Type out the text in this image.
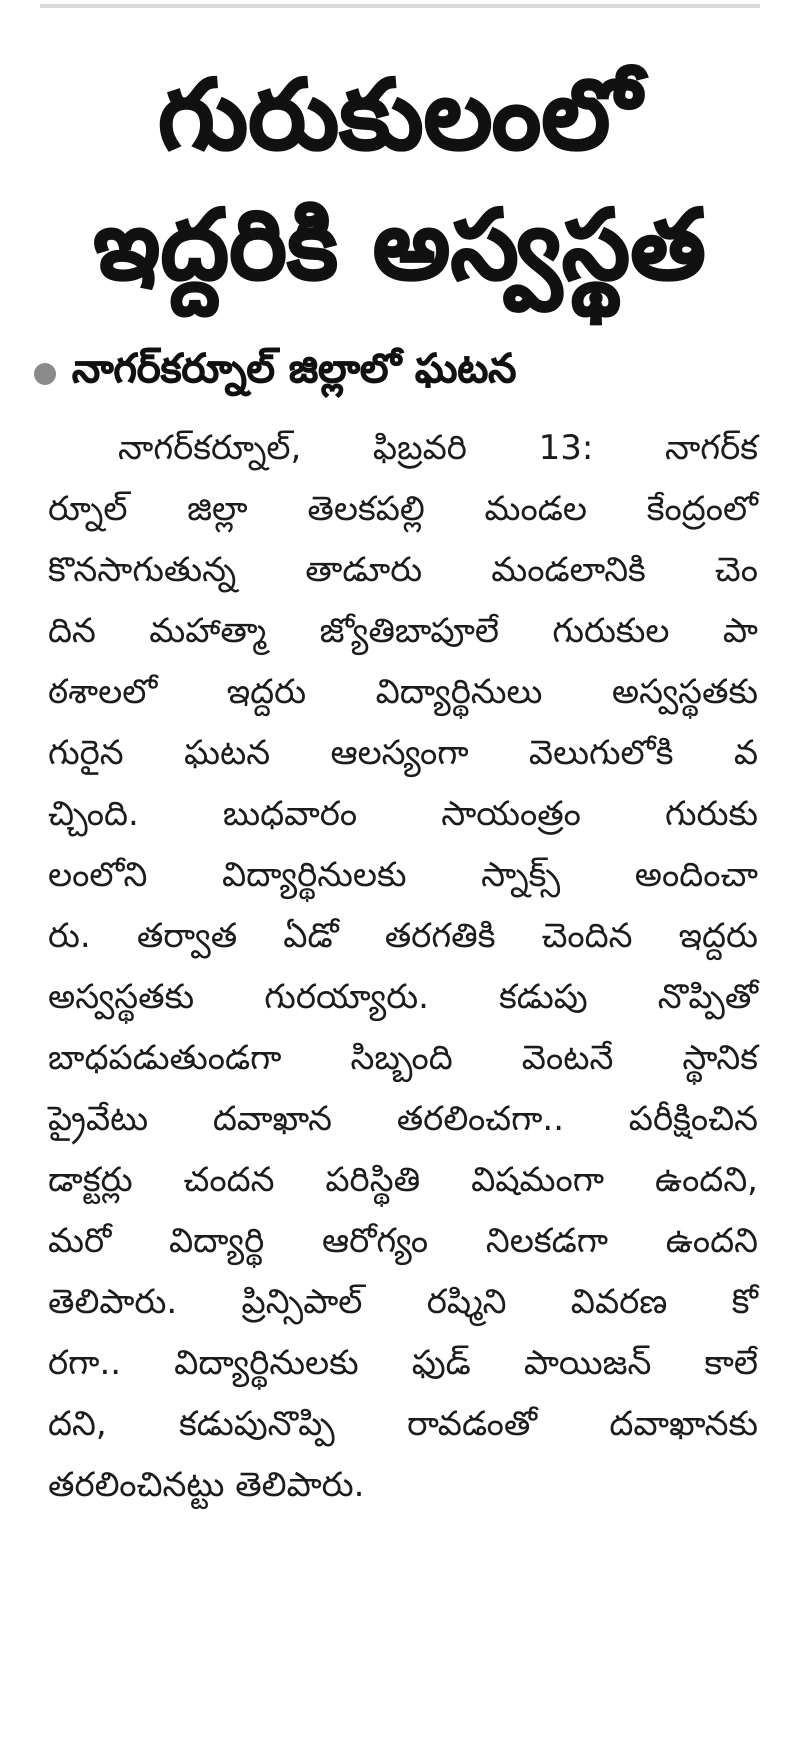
గురుకులంలో
ఇద్దరికి అస్వస్థత
నాగర్‌కర్నూల్ జిల్లాలో ఘటన
నాగర్‌కర్నూల్, ఫిబ్రవరి 13: నాగర్‌క
ర్నూల్ జిల్లా తెలకపల్లి మండల కేంద్రంలో
కొనసాగుతున్న తాడూరు మండలానికి చెం
దిన మహాత్మా జ్యోతిబాపూలే గురుకుల పా
ఠశాలలో ఇద్దరు విద్యార్థినులు అస్వస్థతకు
గురైన ఘటన ఆలస్యంగా వెలుగులోకి వ
చ్చింది. బుధవారం సాయంత్రం గురుకు
లంలోని విద్యార్థినులకు స్నాక్స్ అందించా
రు. తర్వాత ఏడో తరగతికి చెందిన ఇద్దరు
అస్వస్థతకు గురయ్యారు. కడుపు నొప్పితో
బాధపడుతుండగా సిబ్బంది వెంటనే స్థానిక
ప్రైవేటు దవాఖాన తరలించగా.. పరీక్షించిన
డాక్టర్లు చందన పరిస్థితి విషమంగా ఉందని,
మరో విద్యార్థి ఆరోగ్యం నిలకడగా ఉందని
తెలిపారు. ప్రిన్సిపాల్ రష్మిని వివరణ కో
రగా.. విద్యార్థినులకు ఫుడ్ పాయిజన్ కాలే
దని, కడుపునొప్పి రావడంతో దవాఖానకు
తరలించినట్టు తెలిపారు.
